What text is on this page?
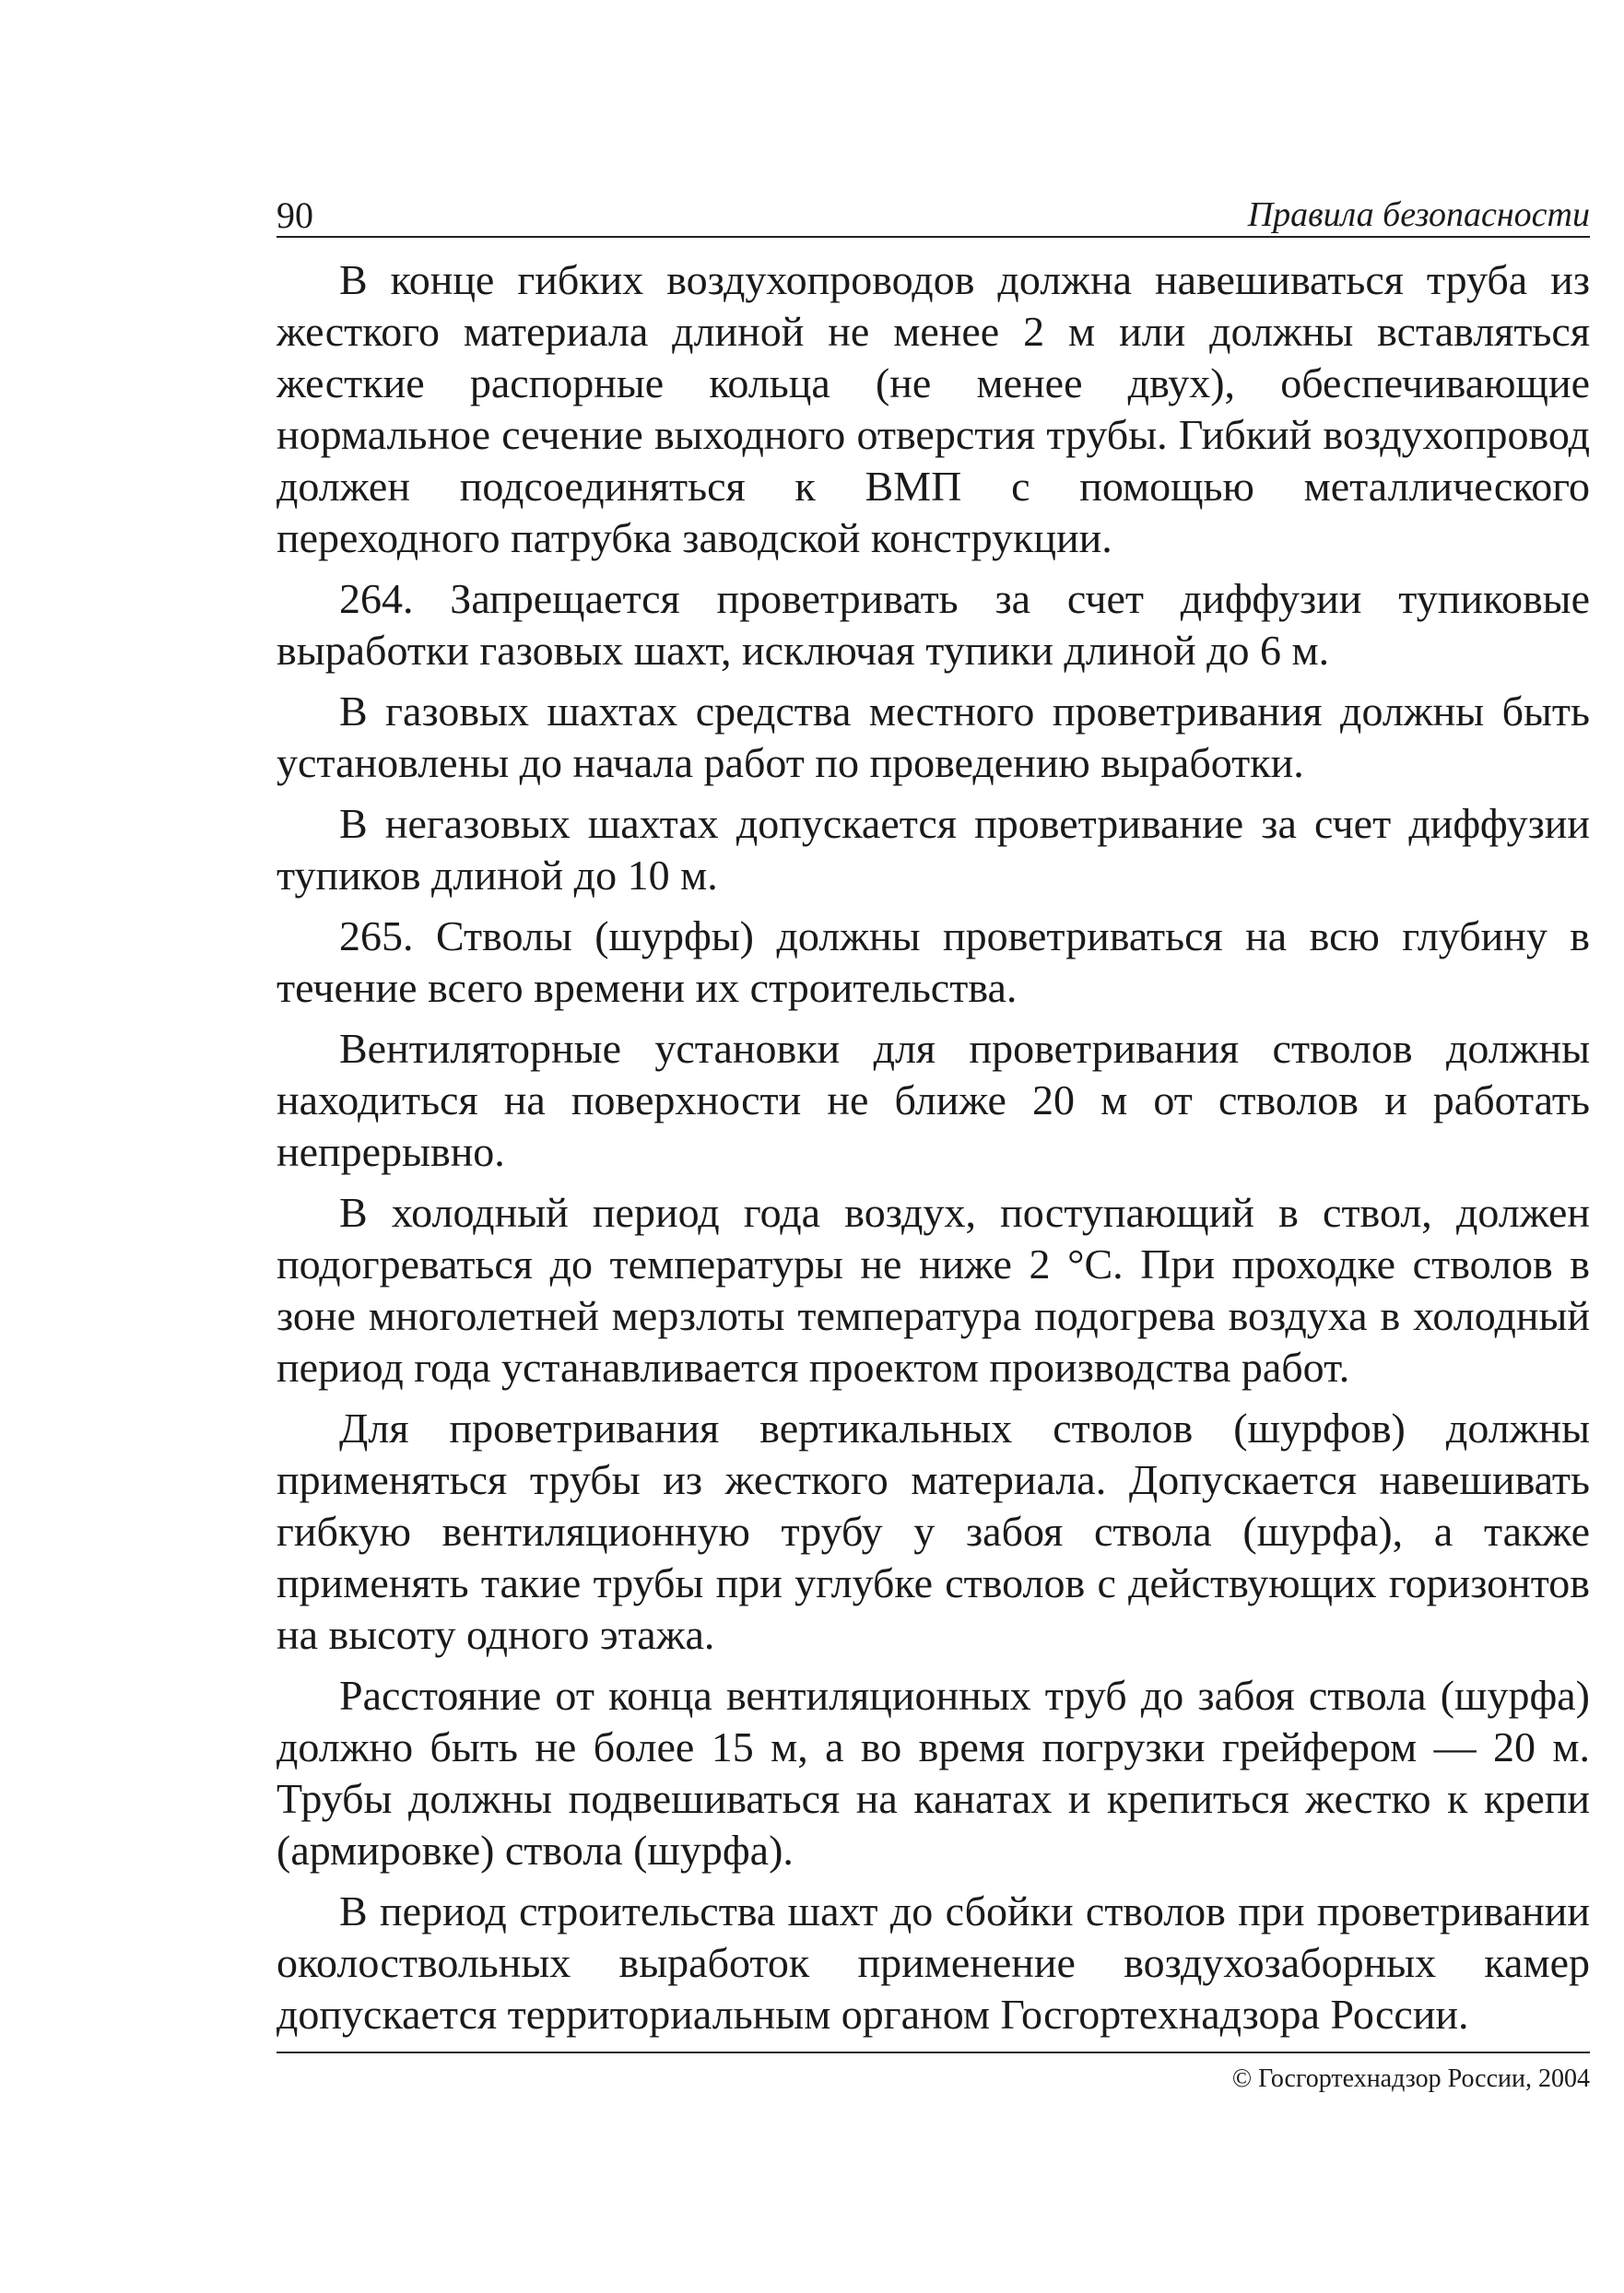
90	Правила безопасности

В конце гибких воздухопроводов должна навешиваться труба из жесткого материала длиной не менее 2 м или должны вставляться жесткие распорные кольца (не менее двух), обеспечивающие нормальное сечение выходного отверстия трубы. Гибкий воздухопровод должен подсоединяться к ВМП с помощью металлического переходного патрубка заводской конструкции.

264. Запрещается проветривать за счет диффузии тупиковые выработки газовых шахт, исключая тупики длиной до 6 м.

В газовых шахтах средства местного проветривания должны быть установлены до начала работ по проведению выработки.

В негазовых шахтах допускается проветривание за счет диффузии тупиков длиной до 10 м.

265. Стволы (шурфы) должны проветриваться на всю глубину в течение всего времени их строительства.

Вентиляторные установки для проветривания стволов должны находиться на поверхности не ближе 20 м от стволов и работать непрерывно.

В холодный период года воздух, поступающий в ствол, должен подогреваться до температуры не ниже 2 °С. При проходке стволов в зоне многолетней мерзлоты температура подогрева воздуха в холодный период года устанавливается проектом производства работ.

Для проветривания вертикальных стволов (шурфов) должны применяться трубы из жесткого материала. Допускается навешивать гибкую вентиляционную трубу у забоя ствола (шурфа), а также применять такие трубы при углубке стволов с действующих горизонтов на высоту одного этажа.

Расстояние от конца вентиляционных труб до забоя ствола (шурфа) должно быть не более 15 м, а во время погрузки грейфером — 20 м. Трубы должны подвешиваться на канатах и крепиться жестко к крепи (армировке) ствола (шурфа).

В период строительства шахт до сбойки стволов при проветривании околоствольных выработок применение воздухозаборных камер допускается территориальным органом Госгортехнадзора России.

© Госгортехнадзор России, 2004
